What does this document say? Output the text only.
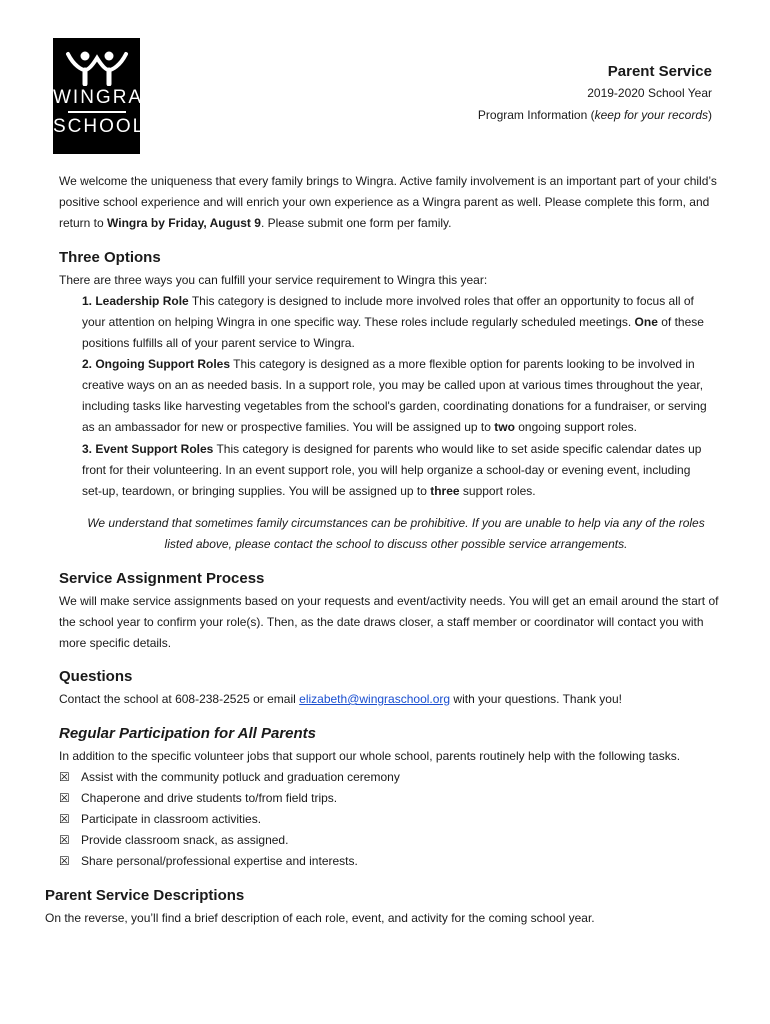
WINGRA
SCHOOL
Parent Service
2019-2020 School Year
Program Information (keep for your records)
We welcome the uniqueness that every family brings to Wingra. Active family involvement is an important part of your child’s positive school experience and will enrich your own experience as a Wingra parent as well. Please complete this form, and return to Wingra by Friday, August 9. Please submit one form per family.
Three Options
There are three ways you can fulfill your service requirement to Wingra this year:
1. Leadership Role This category is designed to include more involved roles that offer an opportunity to focus all of your attention on helping Wingra in one specific way. These roles include regularly scheduled meetings. One of these positions fulfills all of your parent service to Wingra.
2. Ongoing Support Roles This category is designed as a more flexible option for parents looking to be involved in creative ways on an as needed basis. In a support role, you may be called upon at various times throughout the year, including tasks like harvesting vegetables from the school's garden, coordinating donations for a fundraiser, or serving as an ambassador for new or prospective families. You will be assigned up to two ongoing support roles.
3. Event Support Roles This category is designed for parents who would like to set aside specific calendar dates up front for their volunteering. In an event support role, you will help organize a school-day or evening event, including set-up, teardown, or bringing supplies. You will be assigned up to three support roles.
We understand that sometimes family circumstances can be prohibitive. If you are unable to help via any of the roles listed above, please contact the school to discuss other possible service arrangements.
Service Assignment Process
We will make service assignments based on your requests and event/activity needs. You will get an email around the start of the school year to confirm your role(s). Then, as the date draws closer, a staff member or coordinator will contact you with more specific details.
Questions
Contact the school at 608-238-2525 or email elizabeth@wingraschool.org with your questions. Thank you!
Regular Participation for All Parents
In addition to the specific volunteer jobs that support our whole school, parents routinely help with the following tasks.
☒ Assist with the community potluck and graduation ceremony
☒ Chaperone and drive students to/from field trips.
☒ Participate in classroom activities.
☒ Provide classroom snack, as assigned.
☒ Share personal/professional expertise and interests.
Parent Service Descriptions
On the reverse, you’ll find a brief description of each role, event, and activity for the coming school year.
